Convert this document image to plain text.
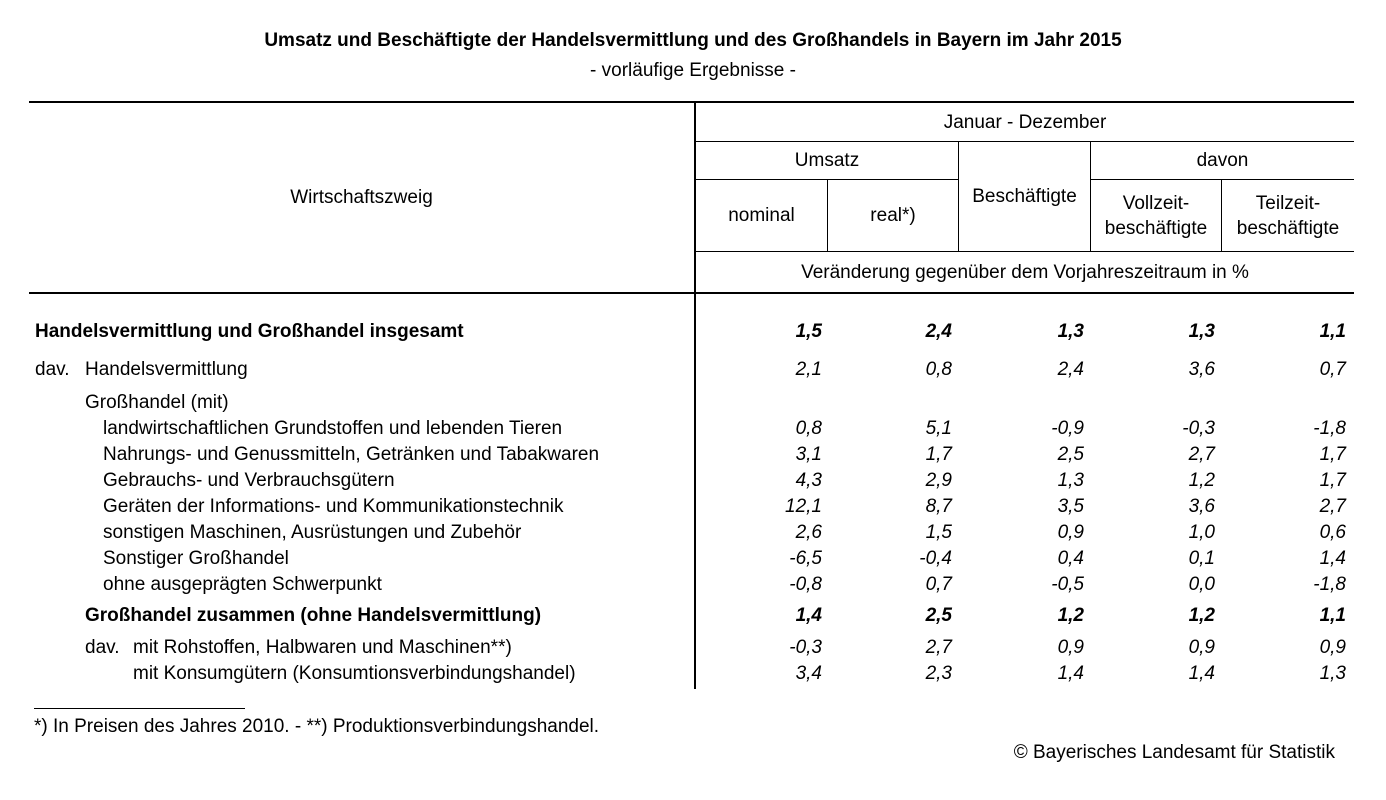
Umsatz und Beschäftigte der Handelsvermittlung und des Großhandels in Bayern im Jahr 2015
- vorläufige Ergebnisse -
Wirtschaftszweig
Januar - Dezember
Umsatz
Beschäftigte
davon
nominal	real*)
Vollzeit-
beschäftigte
Teilzeit-
beschäftigte
Veränderung gegenüber dem Vorjahreszeitraum in %
Handelsvermittlung und Großhandel insgesamt	1,5	2,4	1,3	1,3	1,1
dav. Handelsvermittlung	2,1	0,8	2,4	3,6	0,7
Großhandel (mit)
landwirtschaftlichen Grundstoffen und lebenden Tieren	0,8	5,1	-0,9	-0,3	-1,8
Nahrungs- und Genussmitteln, Getränken und Tabakwaren	3,1	1,7	2,5	2,7	1,7
Gebrauchs- und Verbrauchsgütern	4,3	2,9	1,3	1,2	1,7
Geräten der Informations- und Kommunikationstechnik	12,1	8,7	3,5	3,6	2,7
sonstigen Maschinen, Ausrüstungen und Zubehör	2,6	1,5	0,9	1,0	0,6
Sonstiger Großhandel	-6,5	-0,4	0,4	0,1	1,4
ohne ausgeprägten Schwerpunkt	-0,8	0,7	-0,5	0,0	-1,8
Großhandel zusammen (ohne Handelsvermittlung)	1,4	2,5	1,2	1,2	1,1
dav. mit Rohstoffen, Halbwaren und Maschinen**)	-0,3	2,7	0,9	0,9	0,9
mit Konsumgütern (Konsumtionsverbindungshandel)	3,4	2,3	1,4	1,4	1,3
*) In Preisen des Jahres 2010. - **) Produktionsverbindungshandel.
© Bayerisches Landesamt für Statistik
